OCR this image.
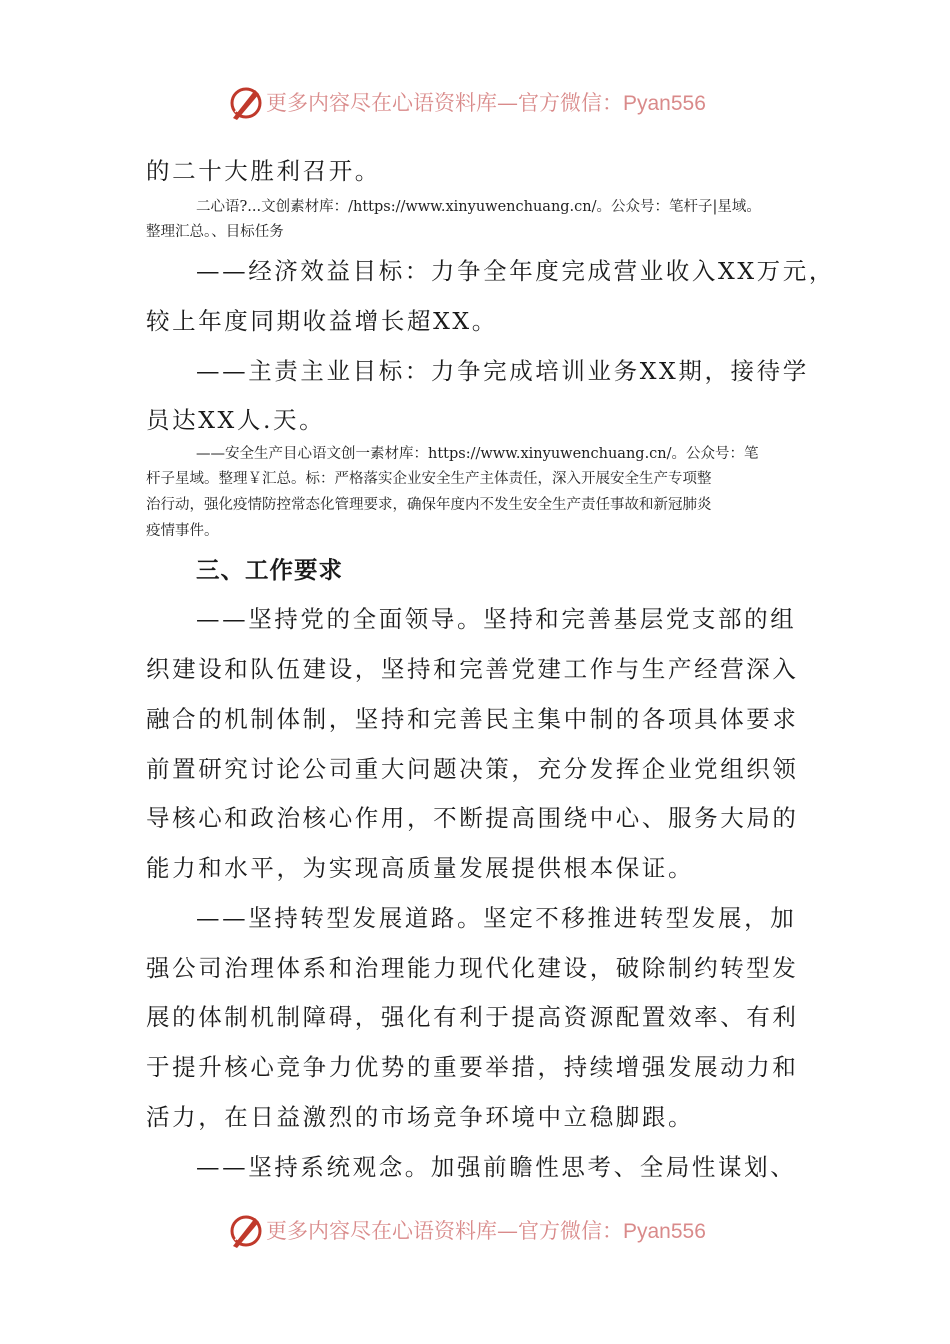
更多内容尽在心语资料库—官方微信：Pyan556
的二十大胜利召开。
二心语?...文创素材库：/https://www.xinyuwenchuang.cn/。公众号：笔杆子|星域。
整理汇总。、目标任务
——经济效益目标：力争全年度完成营业收入XX万元，
较上年度同期收益增长超XX。
——主责主业目标：力争完成培训业务XX期，接待学
员达XX人.天。
——安全生产目心语文创一素材库：https://www.xinyuwenchuang.cn/。公众号：笔
杆子星域。整理￥汇总。标：严格落实企业安全生产主体责任，深入开展安全生产专项整
治行动，强化疫情防控常态化管理要求，确保年度内不发生安全生产责任事故和新冠肺炎
疫情事件。
三、工作要求
——坚持党的全面领导。坚持和完善基层党支部的组
织建设和队伍建设，坚持和完善党建工作与生产经营深入
融合的机制体制，坚持和完善民主集中制的各项具体要求
前置研究讨论公司重大问题决策，充分发挥企业党组织领
导核心和政治核心作用，不断提高围绕中心、服务大局的
能力和水平，为实现高质量发展提供根本保证。
——坚持转型发展道路。坚定不移推进转型发展，加
强公司治理体系和治理能力现代化建设，破除制约转型发
展的体制机制障碍，强化有利于提高资源配置效率、有利
于提升核心竞争力优势的重要举措，持续增强发展动力和
活力，在日益激烈的市场竞争环境中立稳脚跟。
——坚持系统观念。加强前瞻性思考、全局性谋划、
更多内容尽在心语资料库—官方微信：Pyan556
